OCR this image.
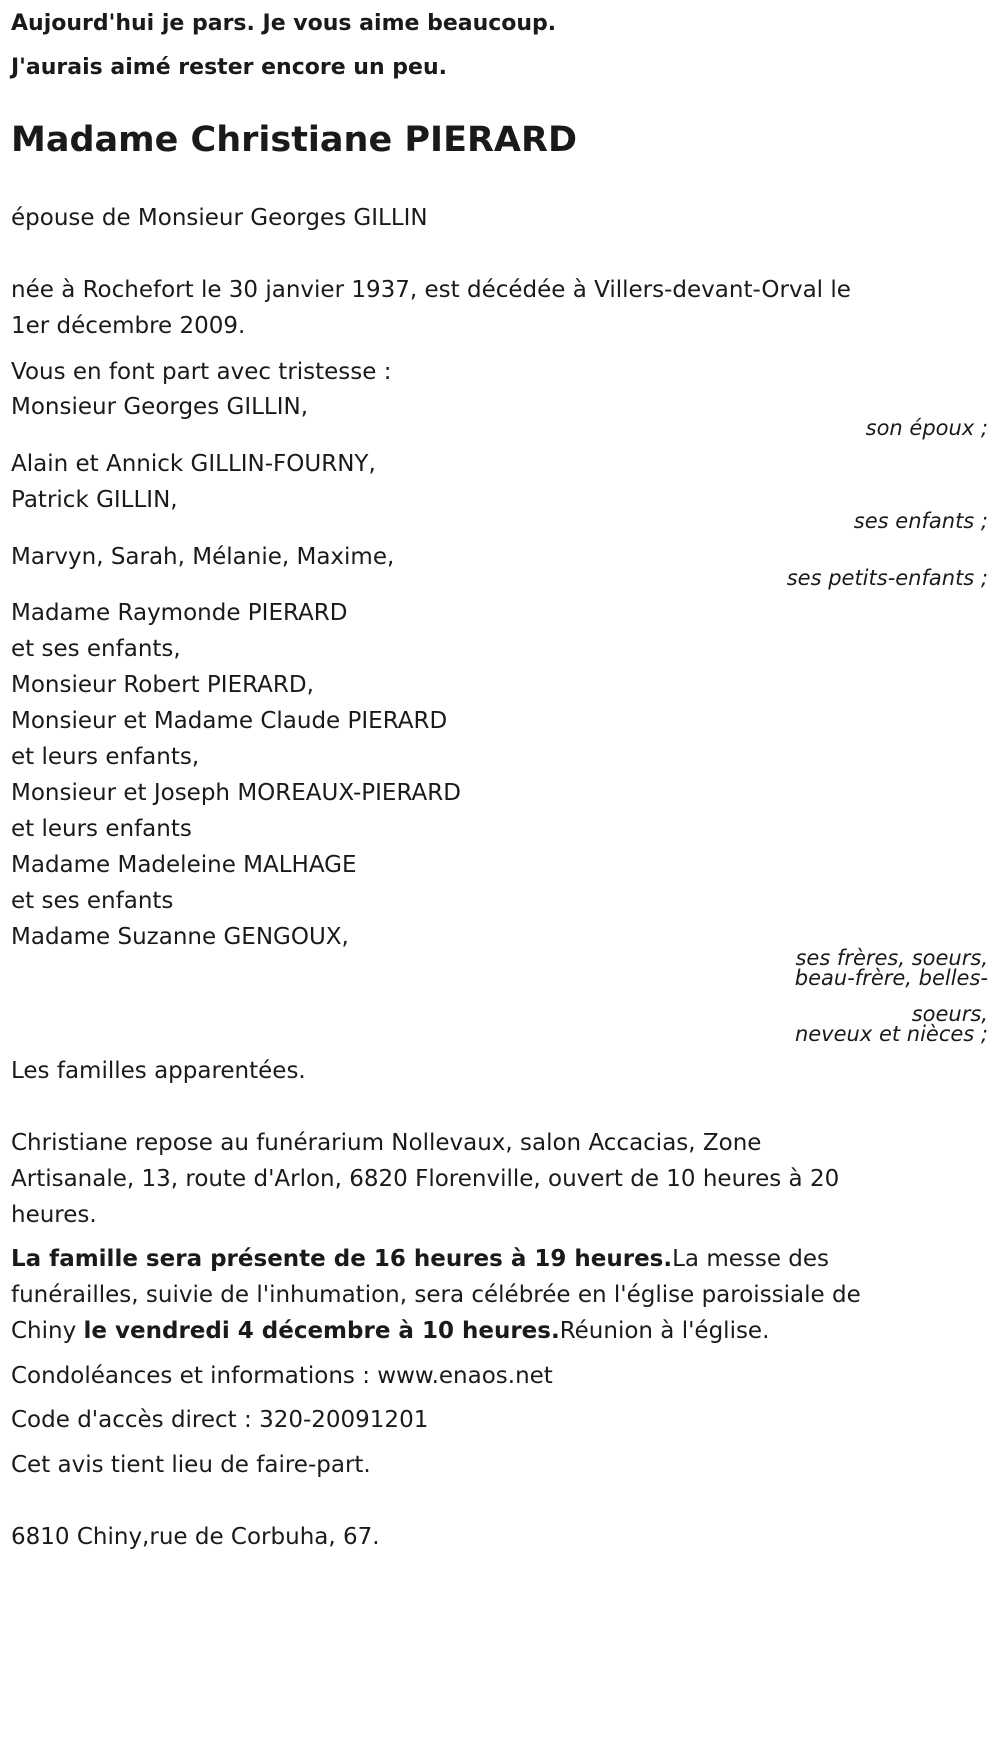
Aujourd'hui je pars. Je vous aime beaucoup.

J'aurais aimé rester encore un peu.

Madame Christiane PIERARD

épouse de Monsieur Georges GILLIN

née à Rochefort le 30 janvier 1937, est décédée à Villers-devant-Orval le

1er décembre 2009.

Vous en font part avec tristesse :

Monsieur Georges GILLIN,

son époux ;

Alain et Annick GILLIN-FOURNY,

Patrick GILLIN,

ses enfants ;

Marvyn, Sarah, Mélanie, Maxime,

ses petits-enfants ;

Madame Raymonde PIERARD

et ses enfants,

Monsieur Robert PIERARD,

Monsieur et Madame Claude PIERARD

et leurs enfants,

Monsieur et Joseph MOREAUX-PIERARD

et leurs enfants

Madame Madeleine MALHAGE

et ses enfants

Madame Suzanne GENGOUX,

ses frères, soeurs,

beau-frère, belles-

soeurs,

neveux et nièces ;

Les familles apparentées.

Christiane repose au funérarium Nollevaux, salon Accacias, Zone

Artisanale, 13, route d'Arlon, 6820 Florenville, ouvert de 10 heures à 20

heures.

La famille sera présente de 16 heures à 19 heures.La messe des

funérailles, suivie de l'inhumation, sera célébrée en l'église paroissiale de

Chiny le vendredi 4 décembre à 10 heures.Réunion à l'église.

Condoléances et informations : www.enaos.net

Code d'accès direct : 320-20091201

Cet avis tient lieu de faire-part.

6810 Chiny,rue de Corbuha, 67.
